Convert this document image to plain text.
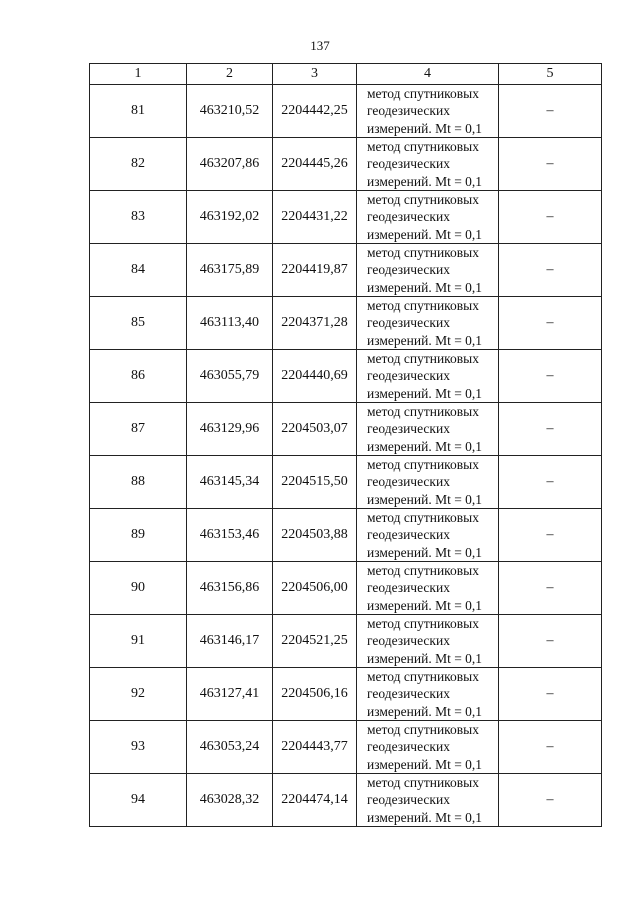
137
1	2	3	4	5
81	463210,52	2204442,25	метод спутниковых
геодезических
измерений. Mt = 0,1	–
82	463207,86	2204445,26	метод спутниковых
геодезических
измерений. Mt = 0,1	–
83	463192,02	2204431,22	метод спутниковых
геодезических
измерений. Mt = 0,1	–
84	463175,89	2204419,87	метод спутниковых
геодезических
измерений. Mt = 0,1	–
85	463113,40	2204371,28	метод спутниковых
геодезических
измерений. Mt = 0,1	–
86	463055,79	2204440,69	метод спутниковых
геодезических
измерений. Mt = 0,1	–
87	463129,96	2204503,07	метод спутниковых
геодезических
измерений. Mt = 0,1	–
88	463145,34	2204515,50	метод спутниковых
геодезических
измерений. Mt = 0,1	–
89	463153,46	2204503,88	метод спутниковых
геодезических
измерений. Mt = 0,1	–
90	463156,86	2204506,00	метод спутниковых
геодезических
измерений. Mt = 0,1	–
91	463146,17	2204521,25	метод спутниковых
геодезических
измерений. Mt = 0,1	–
92	463127,41	2204506,16	метод спутниковых
геодезических
измерений. Mt = 0,1	–
93	463053,24	2204443,77	метод спутниковых
геодезических
измерений. Mt = 0,1	–
94	463028,32	2204474,14	метод спутниковых
геодезических
измерений. Mt = 0,1	–
